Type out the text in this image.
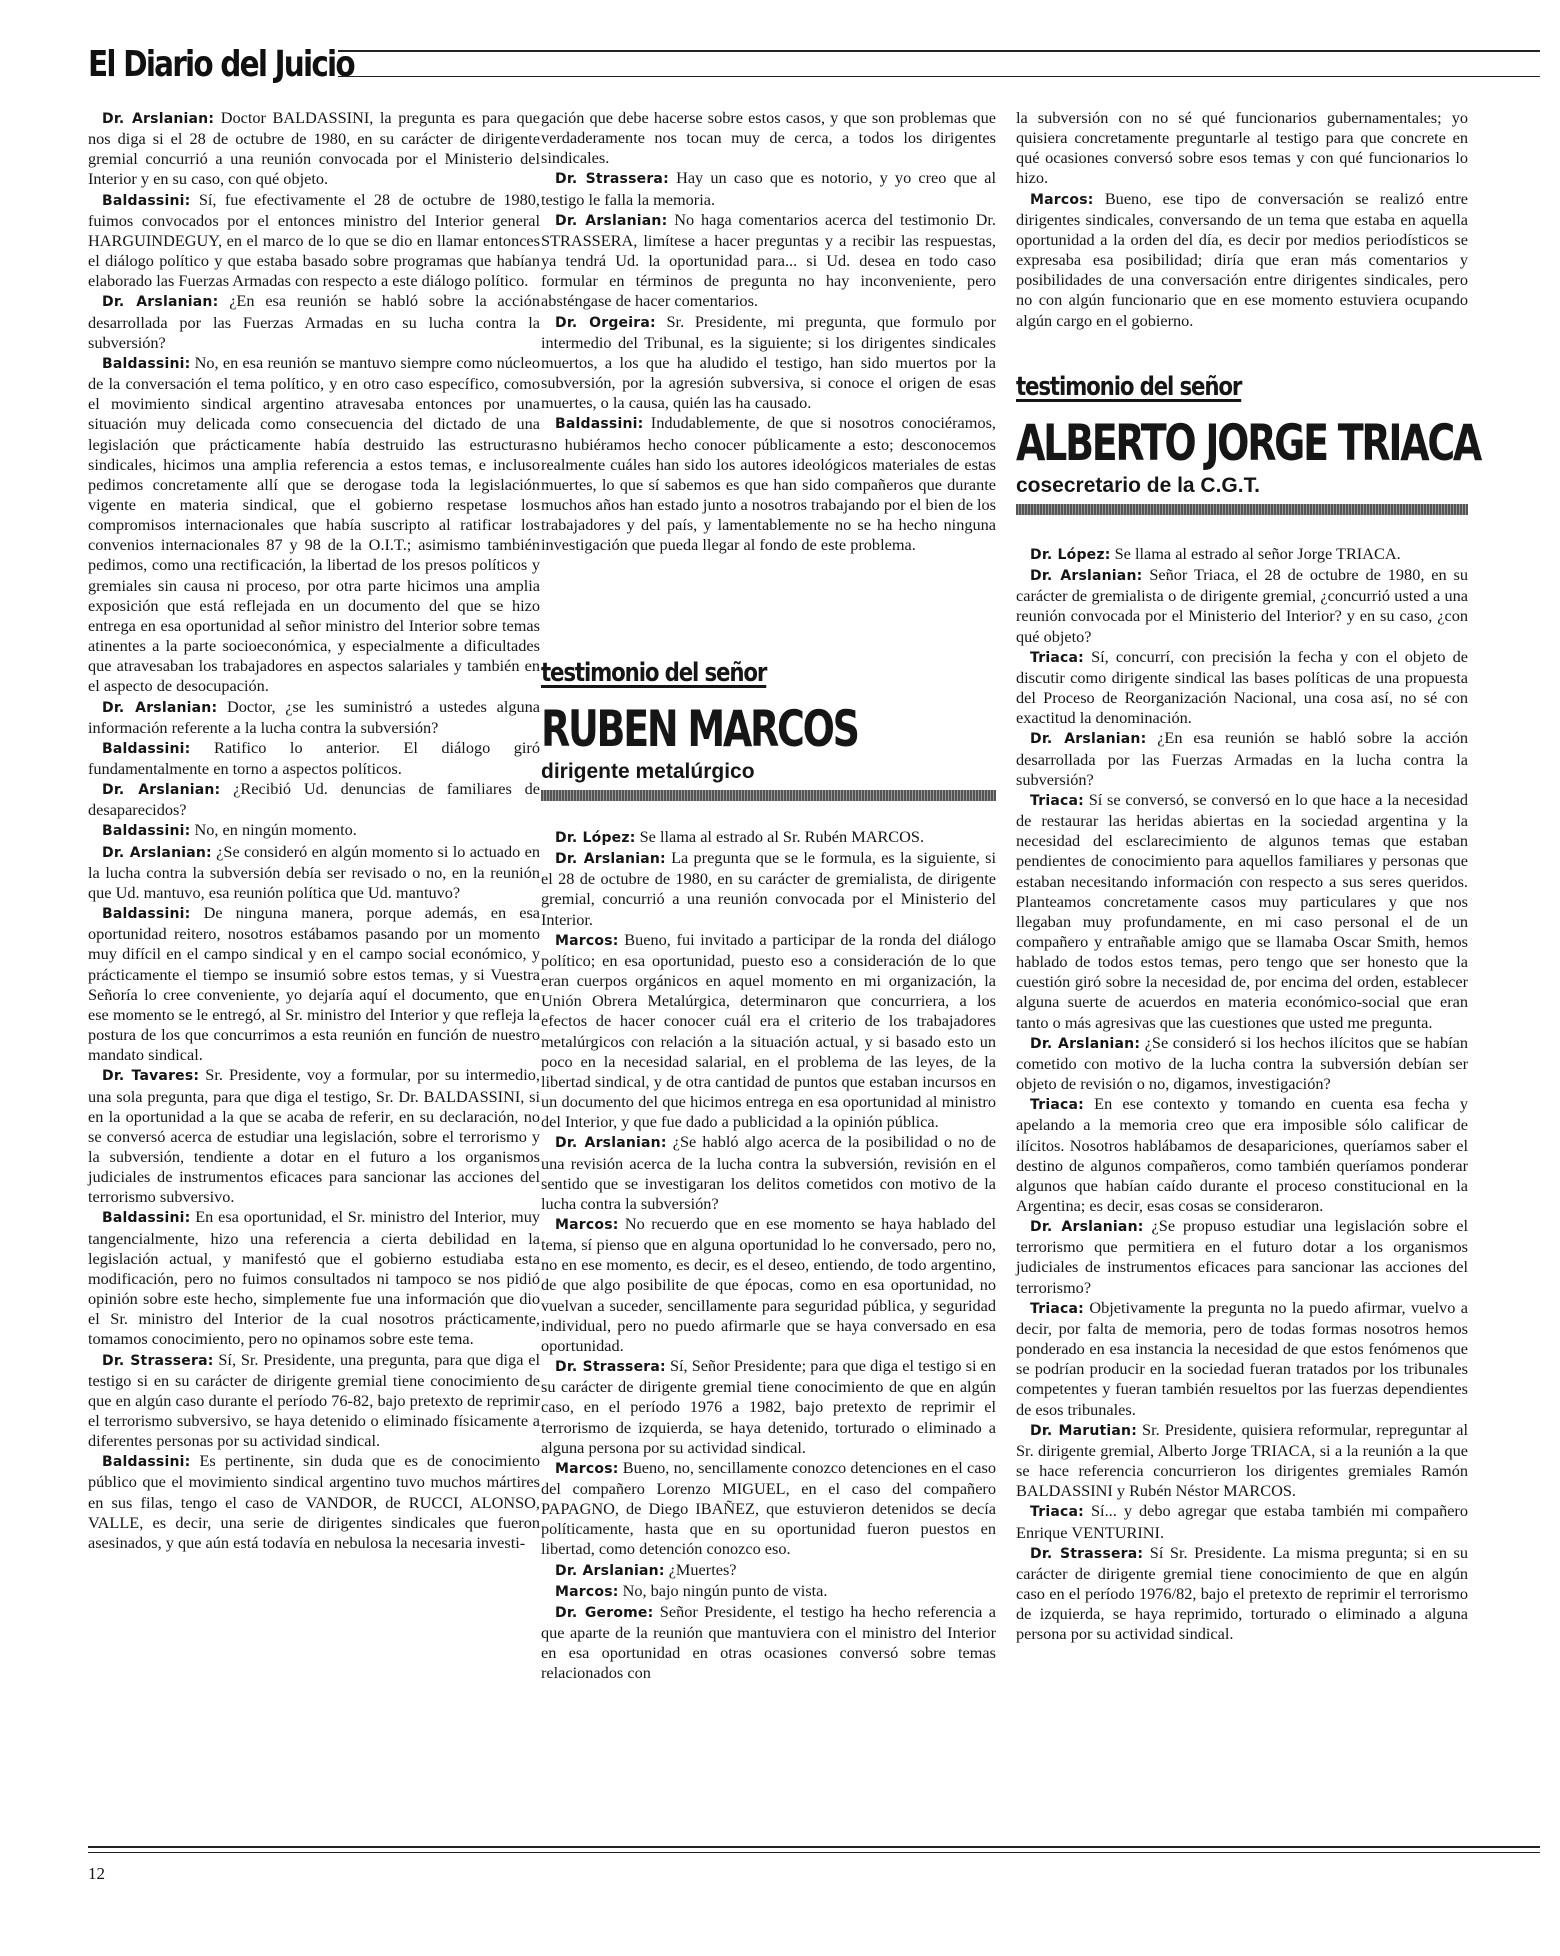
El Diario del Juicio

Dr. Arslanian: Doctor BALDASSINI, la pregunta es para que nos diga si el 28 de octubre de 1980, en su carácter de dirigente gremial concurrió a una reunión convocada por el Ministerio del Interior y en su caso, con qué objeto.

Baldassini: Sí, fue efectivamente el 28 de octubre de 1980, fuimos convocados por el entonces ministro del Interior general HARGUINDEGUY, en el marco de lo que se dio en llamar entonces el diálogo político y que estaba basado sobre programas que habían elaborado las Fuerzas Armadas con respecto a este diálogo político.

Dr. Arslanian: ¿En esa reunión se habló sobre la acción desarrollada por las Fuerzas Armadas en su lucha contra la subversión?

Baldassini: No, en esa reunión se mantuvo siempre como núcleo de la conversación el tema político, y en otro caso específico, como el movimiento sindical argentino atravesaba entonces por una situación muy delicada como consecuencia del dictado de una legislación que prácticamente había destruido las estructuras sindicales, hicimos una amplia referencia a estos temas, e incluso pedimos concretamente allí que se derogase toda la legislación vigente en materia sindical, que el gobierno respetase los compromisos internacionales que había suscripto al ratificar los convenios internacionales 87 y 98 de la O.I.T.; asimismo también pedimos, como una rectificación, la libertad de los presos políticos y gremiales sin causa ni proceso, por otra parte hicimos una amplia exposición que está reflejada en un documento del que se hizo entrega en esa oportunidad al señor ministro del Interior sobre temas atinentes a la parte socioeconómica, y especialmente a dificultades que atravesaban los trabajadores en aspectos salariales y también en el aspecto de desocupación.

Dr. Arslanian: Doctor, ¿se les suministró a ustedes alguna información referente a la lucha contra la subversión?

Baldassini: Ratifico lo anterior. El diálogo giró fundamentalmente en torno a aspectos políticos.

Dr. Arslanian: ¿Recibió Ud. denuncias de familiares de desaparecidos?

Baldassini: No, en ningún momento.

Dr. Arslanian: ¿Se consideró en algún momento si lo actuado en la lucha contra la subversión debía ser revisado o no, en la reunión que Ud. mantuvo, esa reunión política que Ud. mantuvo?

Baldassini: De ninguna manera, porque además, en esa oportunidad reitero, nosotros estábamos pasando por un momento muy difícil en el campo sindical y en el campo social económico, y prácticamente el tiempo se insumió sobre estos temas, y si Vuestra Señoría lo cree conveniente, yo dejaría aquí el documento, que en ese momento se le entregó, al Sr. ministro del Interior y que refleja la postura de los que concurrimos a esta reunión en función de nuestro mandato sindical.

Dr. Tavares: Sr. Presidente, voy a formular, por su intermedio, una sola pregunta, para que diga el testigo, Sr. Dr. BALDASSINI, si en la oportunidad a la que se acaba de referir, en su declaración, no se conversó acerca de estudiar una legislación, sobre el terrorismo y la subversión, tendiente a dotar en el futuro a los organismos judiciales de instrumentos eficaces para sancionar las acciones del terrorismo subversivo.

Baldassini: En esa oportunidad, el Sr. ministro del Interior, muy tangencialmente, hizo una referencia a cierta debilidad en la legislación actual, y manifestó que el gobierno estudiaba esta modificación, pero no fuimos consultados ni tampoco se nos pidió opinión sobre este hecho, simplemente fue una información que dio el Sr. ministro del Interior de la cual nosotros prácticamente, tomamos conocimiento, pero no opinamos sobre este tema.

Dr. Strassera: Sí, Sr. Presidente, una pregunta, para que diga el testigo si en su carácter de dirigente gremial tiene conocimiento de que en algún caso durante el período 76-82, bajo pretexto de reprimir el terrorismo subversivo, se haya detenido o eliminado físicamente a diferentes personas por su actividad sindical.

Baldassini: Es pertinente, sin duda que es de conocimiento público que el movimiento sindical argentino tuvo muchos mártires en sus filas, tengo el caso de VANDOR, de RUCCI, ALONSO, VALLE, es decir, una serie de dirigentes sindicales que fueron asesinados, y que aún está todavía en nebulosa la necesaria investi-

gación que debe hacerse sobre estos casos, y que son problemas que verdaderamente nos tocan muy de cerca, a todos los dirigentes sindicales.

Dr. Strassera: Hay un caso que es notorio, y yo creo que al testigo le falla la memoria.

Dr. Arslanian: No haga comentarios acerca del testimonio Dr. STRASSERA, limítese a hacer preguntas y a recibir las respuestas, ya tendrá Ud. la oportunidad para... si Ud. desea en todo caso formular en términos de pregunta no hay inconveniente, pero absténgase de hacer comentarios.

Dr. Orgeira: Sr. Presidente, mi pregunta, que formulo por intermedio del Tribunal, es la siguiente; si los dirigentes sindicales muertos, a los que ha aludido el testigo, han sido muertos por la subversión, por la agresión subversiva, si conoce el origen de esas muertes, o la causa, quién las ha causado.

Baldassini: Indudablemente, de que si nosotros conociéramos, no hubiéramos hecho conocer públicamente a esto; desconocemos realmente cuáles han sido los autores ideológicos materiales de estas muertes, lo que sí sabemos es que han sido compañeros que durante muchos años han estado junto a nosotros trabajando por el bien de los trabajadores y del país, y lamentablemente no se ha hecho ninguna investigación que pueda llegar al fondo de este problema.

testimonio del señor
RUBEN MARCOS
dirigente metalúrgico

Dr. López: Se llama al estrado al Sr. Rubén MARCOS.

Dr. Arslanian: La pregunta que se le formula, es la siguiente, si el 28 de octubre de 1980, en su carácter de gremialista, de dirigente gremial, concurrió a una reunión convocada por el Ministerio del Interior.

Marcos: Bueno, fui invitado a participar de la ronda del diálogo político; en esa oportunidad, puesto eso a consideración de lo que eran cuerpos orgánicos en aquel momento en mi organización, la Unión Obrera Metalúrgica, determinaron que concurriera, a los efectos de hacer conocer cuál era el criterio de los trabajadores metalúrgicos con relación a la situación actual, y si basado esto un poco en la necesidad salarial, en el problema de las leyes, de la libertad sindical, y de otra cantidad de puntos que estaban incursos en un documento del que hicimos entrega en esa oportunidad al ministro del Interior, y que fue dado a publicidad a la opinión pública.

Dr. Arslanian: ¿Se habló algo acerca de la posibilidad o no de una revisión acerca de la lucha contra la subversión, revisión en el sentido que se investigaran los delitos cometidos con motivo de la lucha contra la subversión?

Marcos: No recuerdo que en ese momento se haya hablado del tema, sí pienso que en alguna oportunidad lo he conversado, pero no, no en ese momento, es decir, es el deseo, entiendo, de todo argentino, de que algo posibilite de que épocas, como en esa oportunidad, no vuelvan a suceder, sencillamente para seguridad pública, y seguridad individual, pero no puedo afirmarle que se haya conversado en esa oportunidad.

Dr. Strassera: Sí, Señor Presidente; para que diga el testigo si en su carácter de dirigente gremial tiene conocimiento de que en algún caso, en el período 1976 a 1982, bajo pretexto de reprimir el terrorismo de izquierda, se haya detenido, torturado o eliminado a alguna persona por su actividad sindical.

Marcos: Bueno, no, sencillamente conozco detenciones en el caso del compañero Lorenzo MIGUEL, en el caso del compañero PAPAGNO, de Diego IBAÑEZ, que estuvieron detenidos se decía políticamente, hasta que en su oportunidad fueron puestos en libertad, como detención conozco eso.

Dr. Arslanian: ¿Muertes?

Marcos: No, bajo ningún punto de vista.

Dr. Gerome: Señor Presidente, el testigo ha hecho referencia a que aparte de la reunión que mantuviera con el ministro del Interior en esa oportunidad en otras ocasiones conversó sobre temas relacionados con

la subversión con no sé qué funcionarios gubernamentales; yo quisiera concretamente preguntarle al testigo para que concrete en qué ocasiones conversó sobre esos temas y con qué funcionarios lo hizo.

Marcos: Bueno, ese tipo de conversación se realizó entre dirigentes sindicales, conversando de un tema que estaba en aquella oportunidad a la orden del día, es decir por medios periodísticos se expresaba esa posibilidad; diría que eran más comentarios y posibilidades de una conversación entre dirigentes sindicales, pero no con algún funcionario que en ese momento estuviera ocupando algún cargo en el gobierno.

testimonio del señor
ALBERTO JORGE TRIACA
cosecretario de la C.G.T.

Dr. López: Se llama al estrado al señor Jorge TRIACA.

Dr. Arslanian: Señor Triaca, el 28 de octubre de 1980, en su carácter de gremialista o de dirigente gremial, ¿concurrió usted a una reunión convocada por el Ministerio del Interior? y en su caso, ¿con qué objeto?

Triaca: Sí, concurrí, con precisión la fecha y con el objeto de discutir como dirigente sindical las bases políticas de una propuesta del Proceso de Reorganización Nacional, una cosa así, no sé con exactitud la denominación.

Dr. Arslanian: ¿En esa reunión se habló sobre la acción desarrollada por las Fuerzas Armadas en la lucha contra la subversión?

Triaca: Sí se conversó, se conversó en lo que hace a la necesidad de restaurar las heridas abiertas en la sociedad argentina y la necesidad del esclarecimiento de algunos temas que estaban pendientes de conocimiento para aquellos familiares y personas que estaban necesitando información con respecto a sus seres queridos. Planteamos concretamente casos muy particulares y que nos llegaban muy profundamente, en mi caso personal el de un compañero y entrañable amigo que se llamaba Oscar Smith, hemos hablado de todos estos temas, pero tengo que ser honesto que la cuestión giró sobre la necesidad de, por encima del orden, establecer alguna suerte de acuerdos en materia económico-social que eran tanto o más agresivas que las cuestiones que usted me pregunta.

Dr. Arslanian: ¿Se consideró si los hechos ilícitos que se habían cometido con motivo de la lucha contra la subversión debían ser objeto de revisión o no, digamos, investigación?

Triaca: En ese contexto y tomando en cuenta esa fecha y apelando a la memoria creo que era imposible sólo calificar de ilícitos. Nosotros hablábamos de desapariciones, queríamos saber el destino de algunos compañeros, como también queríamos ponderar algunos que habían caído durante el proceso constitucional en la Argentina; es decir, esas cosas se consideraron.

Dr. Arslanian: ¿Se propuso estudiar una legislación sobre el terrorismo que permitiera en el futuro dotar a los organismos judiciales de instrumentos eficaces para sancionar las acciones del terrorismo?

Triaca: Objetivamente la pregunta no la puedo afirmar, vuelvo a decir, por falta de memoria, pero de todas formas nosotros hemos ponderado en esa instancia la necesidad de que estos fenómenos que se podrían producir en la sociedad fueran tratados por los tribunales competentes y fueran también resueltos por las fuerzas dependientes de esos tribunales.

Dr. Marutian: Sr. Presidente, quisiera reformular, repreguntar al Sr. dirigente gremial, Alberto Jorge TRIACA, si a la reunión a la que se hace referencia concurrieron los dirigentes gremiales Ramón BALDASSINI y Rubén Néstor MARCOS.

Triaca: Sí... y debo agregar que estaba también mi compañero Enrique VENTURINI.

Dr. Strassera: Sí Sr. Presidente. La misma pregunta; si en su carácter de dirigente gremial tiene conocimiento de que en algún caso en el período 1976/82, bajo el pretexto de reprimir el terrorismo de izquierda, se haya reprimido, torturado o eliminado a alguna persona por su actividad sindical.

12
